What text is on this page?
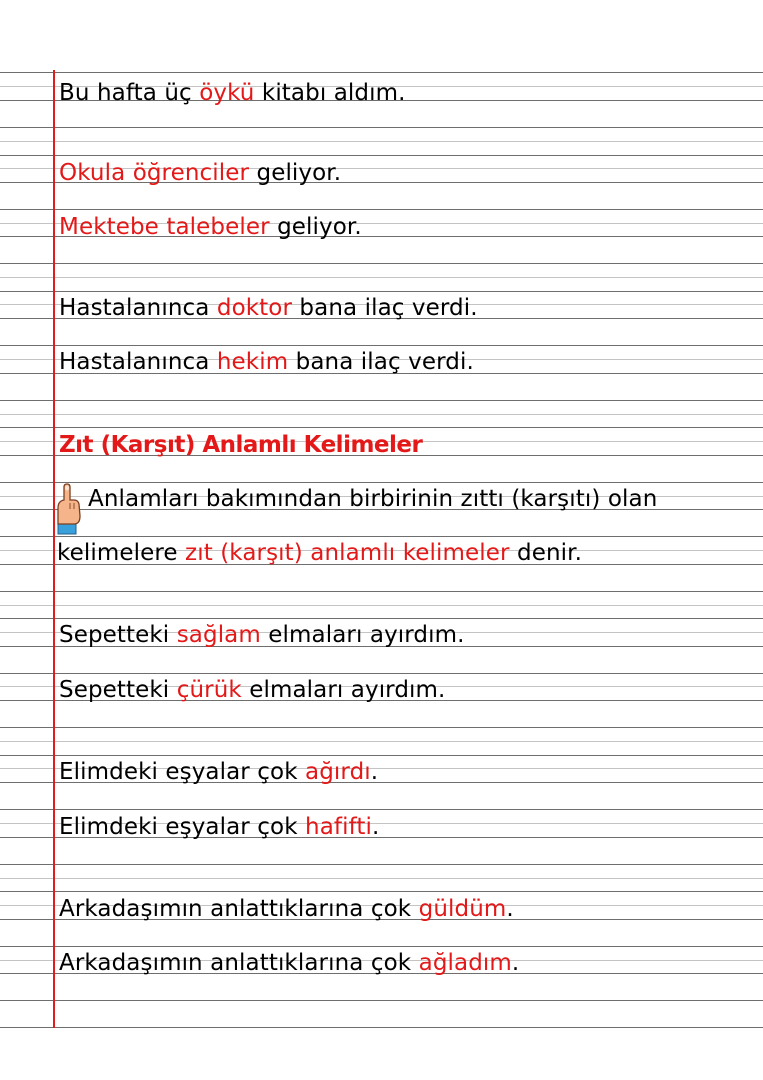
Bu hafta üç öykü kitabı aldım.
Okula öğrenciler geliyor.
Mektebe talebeler geliyor.
Hastalanınca doktor bana ilaç verdi.
Hastalanınca hekim bana ilaç verdi.
Zıt (Karşıt) Anlamlı Kelimeler
Anlamları bakımından birbirinin zıttı (karşıtı) olan
kelimelere zıt (karşıt) anlamlı kelimeler denir.
Sepetteki sağlam elmaları ayırdım.
Sepetteki çürük elmaları ayırdım.
Elimdeki eşyalar çok ağırdı.
Elimdeki eşyalar çok hafifti.
Arkadaşımın anlattıklarına çok güldüm.
Arkadaşımın anlattıklarına çok ağladım.
